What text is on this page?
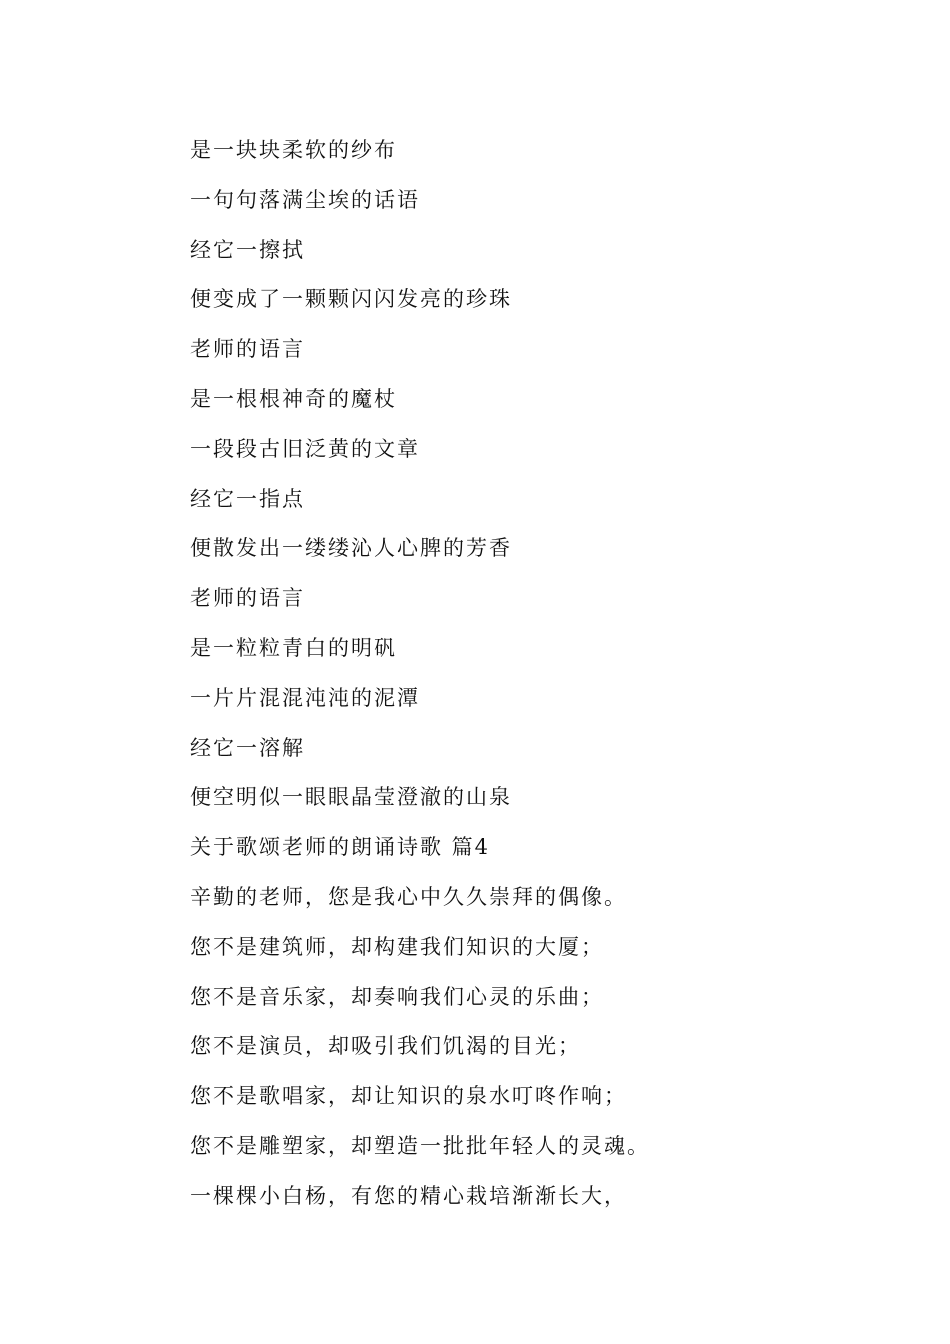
是一块块柔软的纱布
一句句落满尘埃的话语
经它一擦拭
便变成了一颗颗闪闪发亮的珍珠
老师的语言
是一根根神奇的魔杖
一段段古旧泛黄的文章
经它一指点
便散发出一缕缕沁人心脾的芳香
老师的语言
是一粒粒青白的明矾
一片片混混沌沌的泥潭
经它一溶解
便空明似一眼眼晶莹澄澈的山泉
关于歌颂老师的朗诵诗歌 篇4
辛勤的老师，您是我心中久久崇拜的偶像。
您不是建筑师，却构建我们知识的大厦；
您不是音乐家，却奏响我们心灵的乐曲；
您不是演员，却吸引我们饥渴的目光；
您不是歌唱家，却让知识的泉水叮咚作响；
您不是雕塑家，却塑造一批批年轻人的灵魂。
一棵棵小白杨，有您的精心栽培渐渐长大，
